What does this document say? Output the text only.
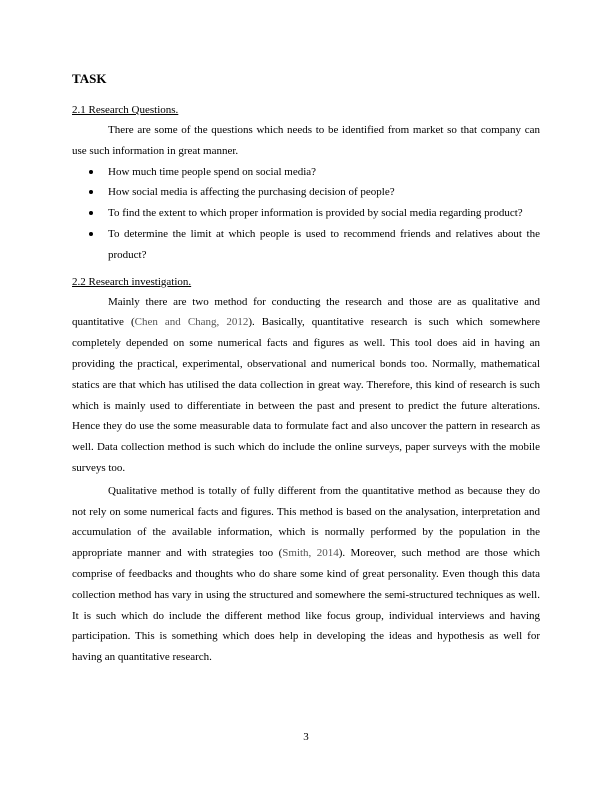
TASK

2.1 Research Questions.

There are some of the questions which needs to be identified from market so that company can use such information in great manner.

How much time people spend on social media?
How social media is affecting the purchasing decision of people?
To find the extent to which proper information is provided by social media regarding product?
To determine the limit at which people is used to recommend friends and relatives about the product?

2.2 Research investigation.

Mainly there are two method for conducting the research and those are as qualitative and quantitative (Chen and Chang, 2012). Basically, quantitative research is such which somewhere completely depended on some numerical facts and figures as well. This tool does aid in having an providing the practical, experimental, observational and numerical bonds too. Normally, mathematical statics are that which has utilised the data collection in great way. Therefore, this kind of research is such which is mainly used to differentiate in between the past and present to predict the future alterations. Hence they do use the some measurable data to formulate fact and also uncover the pattern in research as well. Data collection method is such which do include the online surveys, paper surveys with the mobile surveys too.

Qualitative method is totally of fully different from the quantitative method as because they do not rely on some numerical facts and figures. This method is based on the analysation, interpretation and accumulation of the available information, which is normally performed by the population in the appropriate manner and with strategies too (Smith, 2014). Moreover, such method are those which comprise of feedbacks and thoughts who do share some kind of great personality. Even though this data collection method has vary in using the structured and somewhere the semi-structured techniques as well. It is such which do include the different method like focus group, individual interviews and having participation. This is something which does help in developing the ideas and hypothesis as well for having an quantitative research.

3
